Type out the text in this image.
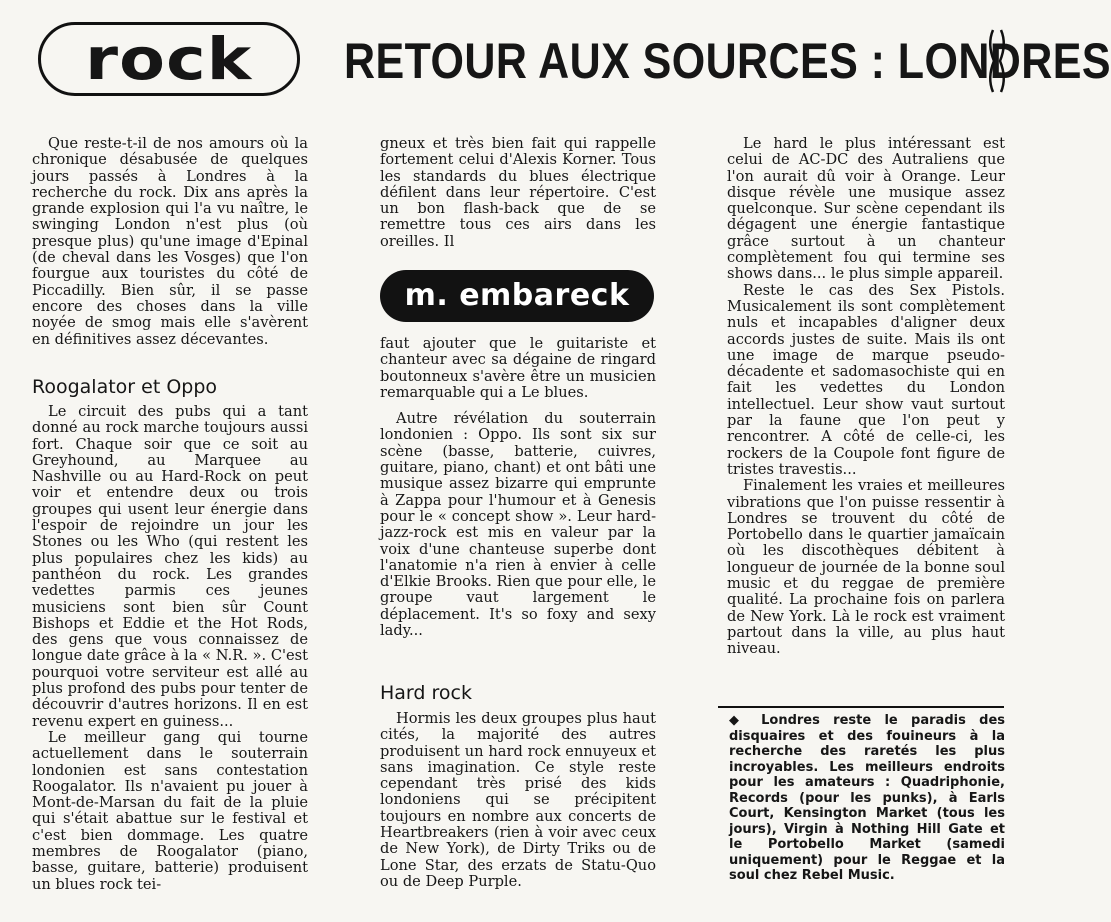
rock RETOUR AUX SOURCES : LONDRES

Que reste-t-il de nos amours où la chronique désabusée de quelques jours passés à Londres à la recherche du rock. Dix ans après la grande explosion qui l'a vu naître, le swinging London n'est plus (où presque plus) qu'une image d'Epinal (de cheval dans les Vosges) que l'on fourgue aux touristes du côté de Piccadilly. Bien sûr, il se passe encore des choses dans la ville noyée de smog mais elle s'avèrent en définitives assez décevantes.

Roogalator et Oppo

Le circuit des pubs qui a tant donné au rock marche toujours aussi fort. Chaque soir que ce soit au Greyhound, au Marquee au Nashville ou au Hard-Rock on peut voir et entendre deux ou trois groupes qui usent leur énergie dans l'espoir de rejoindre un jour les Stones ou les Who (qui restent les plus populaires chez les kids) au panthéon du rock. Les grandes vedettes parmis ces jeunes musiciens sont bien sûr Count Bishops et Eddie et the Hot Rods, des gens que vous connaissez de longue date grâce à la « N.R. ». C'est pourquoi votre serviteur est allé au plus profond des pubs pour tenter de découvrir d'autres horizons. Il en est revenu expert en guiness...

Le meilleur gang qui tourne actuellement dans le souterrain londonien est sans contestation Roogalator. Ils n'avaient pu jouer à Mont-de-Marsan du fait de la pluie qui s'était abattue sur le festival et c'est bien dommage. Les quatre membres de Roogalator (piano, basse, guitare, batterie) produisent un blues rock tei-

gneux et très bien fait qui rappelle fortement celui d'Alexis Korner. Tous les standards du blues électrique défilent dans leur répertoire. C'est un bon flash-back que de se remettre tous ces airs dans les oreilles. Il

faut ajouter que le guitariste et chanteur avec sa dégaine de ringard boutonneux s'avère être un musicien remarquable qui a Le blues.

Autre révélation du souterrain londonien : Oppo. Ils sont six sur scène (basse, batterie, cuivres, guitare, piano, chant) et ont bâti une musique assez bizarre qui emprunte à Zappa pour l'humour et à Genesis pour le « concept show ». Leur hard-jazz-rock est mis en valeur par la voix d'une chanteuse superbe dont l'anatomie n'a rien à envier à celle d'Elkie Brooks. Rien que pour elle, le groupe vaut largement le déplacement. It's so foxy and sexy lady...

Hard rock

Hormis les deux groupes plus haut cités, la majorité des autres produisent un hard rock ennuyeux et sans imagination. Ce style reste cependant très prisé des kids londoniens qui se précipitent toujours en nombre aux concerts de Heartbreakers (rien à voir avec ceux de New York), de Dirty Triks ou de Lone Star, des erzats de Statu-Quo ou de Deep Purple.

m. embareck

Le hard le plus intéressant est celui de AC-DC des Autraliens que l'on aurait dû voir à Orange. Leur disque révèle une musique assez quelconque. Sur scène cependant ils dégagent une énergie fantastique grâce surtout à un chanteur complètement fou qui termine ses shows dans... le plus simple appareil.

Reste le cas des Sex Pistols. Musicalement ils sont complètement nuls et incapables d'aligner deux accords justes de suite. Mais ils ont une image de marque pseudo-décadente et sadomasochiste qui en fait les vedettes du London intellectuel. Leur show vaut surtout par la faune que l'on peut y rencontrer. A côté de celle-ci, les rockers de la Coupole font figure de tristes travestis...

Finalement les vraies et meilleures vibrations que l'on puisse ressentir à Londres se trouvent du côté de Portobello dans le quartier jamaïcain où les discothèques débitent à longueur de journée de la bonne soul music et du reggae de première qualité. La prochaine fois on parlera de New York. Là le rock est vraiment partout dans la ville, au plus haut niveau.

◆ Londres reste le paradis des disquaires et des fouineurs à la recherche des raretés les plus incroyables. Les meilleurs endroits pour les amateurs : Quadriphonie, Records (pour les punks), à Earls Court, Kensington Market (tous les jours), Virgin à Nothing Hill Gate et le Portobello Market (samedi uniquement) pour le Reggae et la soul chez Rebel Music.
